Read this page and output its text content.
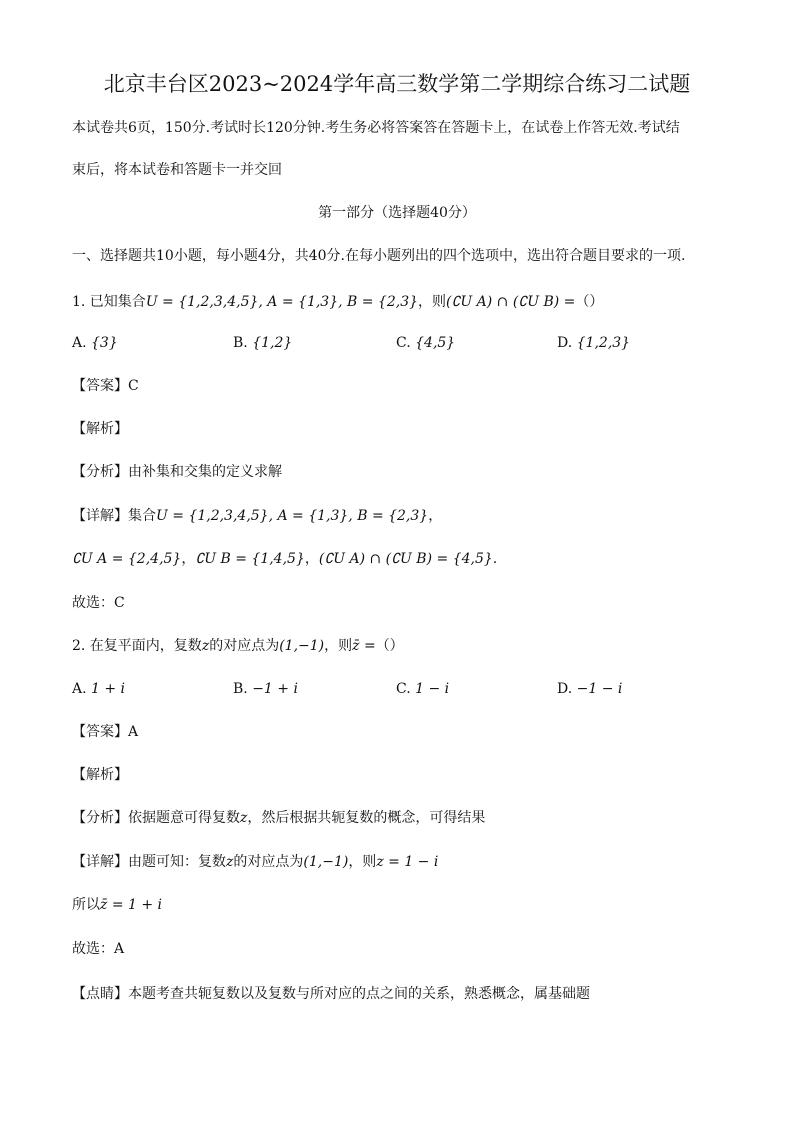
北京丰台区2023~2024学年高三数学第二学期综合练习二试题
本试卷共6页，150分.考试时长120分钟.考生务必将答案答在答题卡上，在试卷上作答无效.考试结
束后，将本试卷和答题卡一并交回
第一部分（选择题40分）
一、选择题共10小题，每小题4分，共40分.在每小题列出的四个选项中，选出符合题目要求的一项.
1. 已知集合U = {1,2,3,4,5}, A = {1,3}, B = {2,3}，则(∁U A) ∩ (∁U B) =（）
A. {3}	B. {1,2}	C. {4,5}	D. {1,2,3}
【答案】C
【解析】
【分析】由补集和交集的定义求解
【详解】集合U = {1,2,3,4,5}, A = {1,3}, B = {2,3}，
∁U A = {2,4,5}，∁U B = {1,4,5}，(∁U A) ∩ (∁U B) = {4,5}.
故选：C
2. 在复平面内，复数z的对应点为(1,−1)，则z̄ =（）
A. 1 + i	B. −1 + i	C. 1 − i	D. −1 − i
【答案】A
【解析】
【分析】依据题意可得复数z，然后根据共轭复数的概念，可得结果
【详解】由题可知：复数z的对应点为(1,−1)，则z = 1 − i
所以z̄ = 1 + i
故选：A
【点睛】本题考查共轭复数以及复数与所对应的点之间的关系，熟悉概念，属基础题
